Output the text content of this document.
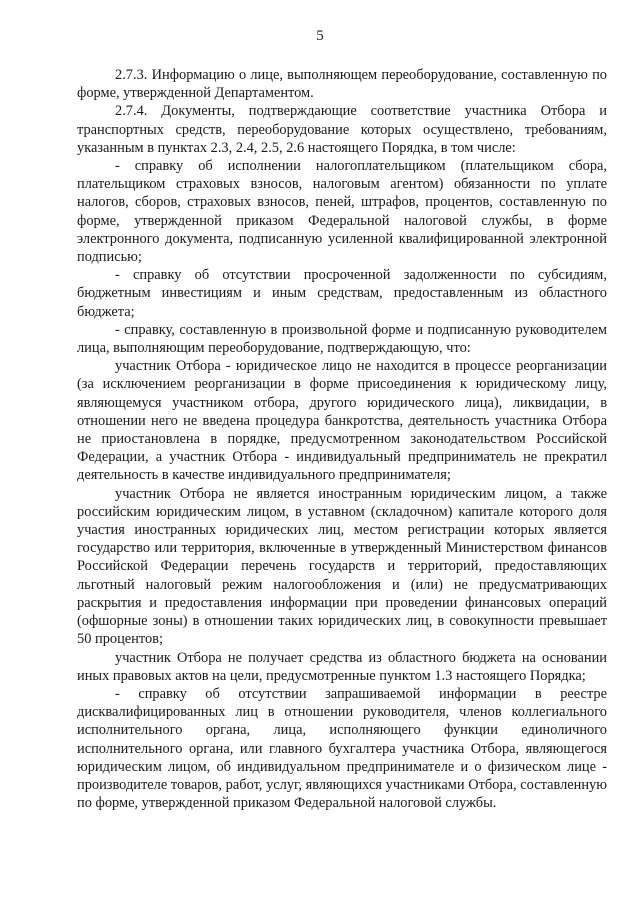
5

2.7.3. Информацию о лице, выполняющем переоборудование, составленную по форме, утвержденной Департаментом.

2.7.4. Документы, подтверждающие соответствие участника Отбора и транспортных средств, переоборудование которых осуществлено, требованиям, указанным в пунктах 2.3, 2.4, 2.5, 2.6 настоящего Порядка, в том числе:

- справку об исполнении налогоплательщиком (плательщиком сбора, плательщиком страховых взносов, налоговым агентом) обязанности по уплате налогов, сборов, страховых взносов, пеней, штрафов, процентов, составленную по форме, утвержденной приказом Федеральной налоговой службы, в форме электронного документа, подписанную усиленной квалифицированной электронной подписью;

- справку об отсутствии просроченной задолженности по субсидиям, бюджетным инвестициям и иным средствам, предоставленным из областного бюджета;

- справку, составленную в произвольной форме и подписанную руководителем лица, выполняющим переоборудование, подтверждающую, что:

участник Отбора - юридическое лицо не находится в процессе реорганизации (за исключением реорганизации в форме присоединения к юридическому лицу, являющемуся участником отбора, другого юридического лица), ликвидации, в отношении него не введена процедура банкротства, деятельность участника Отбора не приостановлена в порядке, предусмотренном законодательством Российской Федерации, а участник Отбора - индивидуальный предприниматель не прекратил деятельность в качестве индивидуального предпринимателя;

участник Отбора не является иностранным юридическим лицом, а также российским юридическим лицом, в уставном (складочном) капитале которого доля участия иностранных юридических лиц, местом регистрации которых является государство или территория, включенные в утвержденный Министерством финансов Российской Федерации перечень государств и территорий, предоставляющих льготный налоговый режим налогообложения и (или) не предусматривающих раскрытия и предоставления информации при проведении финансовых операций (офшорные зоны) в отношении таких юридических лиц, в совокупности превышает 50 процентов;

участник Отбора не получает средства из областного бюджета на основании иных правовых актов на цели, предусмотренные пунктом 1.3 настоящего Порядка;

- справку об отсутствии запрашиваемой информации в реестре дисквалифицированных лиц в отношении руководителя, членов коллегиального исполнительного органа, лица, исполняющего функции единоличного исполнительного органа, или главного бухгалтера участника Отбора, являющегося юридическим лицом, об индивидуальном предпринимателе и о физическом лице - производителе товаров, работ, услуг, являющихся участниками Отбора, составленную по форме, утвержденной приказом Федеральной налоговой службы.
